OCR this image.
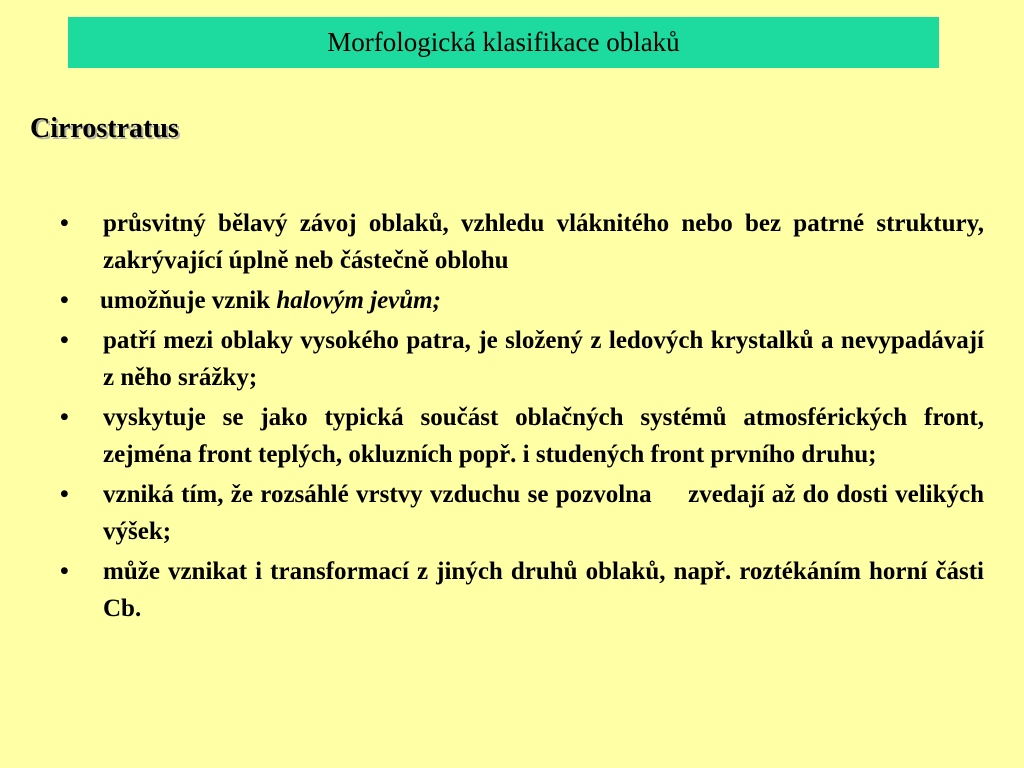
Morfologická klasifikace oblaků
Cirrostratus
•	průsvitný bělavý závoj oblaků, vzhledu vláknitého nebo bez patrné struktury, zakrývající úplně neb částečně oblohu
•	umožňuje vznik halovým jevům;
•	patří mezi oblaky vysokého patra, je složený z ledových krystalků a nevypadávají z něho srážky;
•	vyskytuje se jako typická součást oblačných systémů atmosférických front, zejména front teplých, okluzních popř. i studených front prvního druhu;
•	vzniká tím, že rozsáhlé vrstvy vzduchu se pozvolna     zvedají až do dosti velikých výšek;
•	může vznikat i transformací z jiných druhů oblaků, např. roztékáním horní části Cb.
